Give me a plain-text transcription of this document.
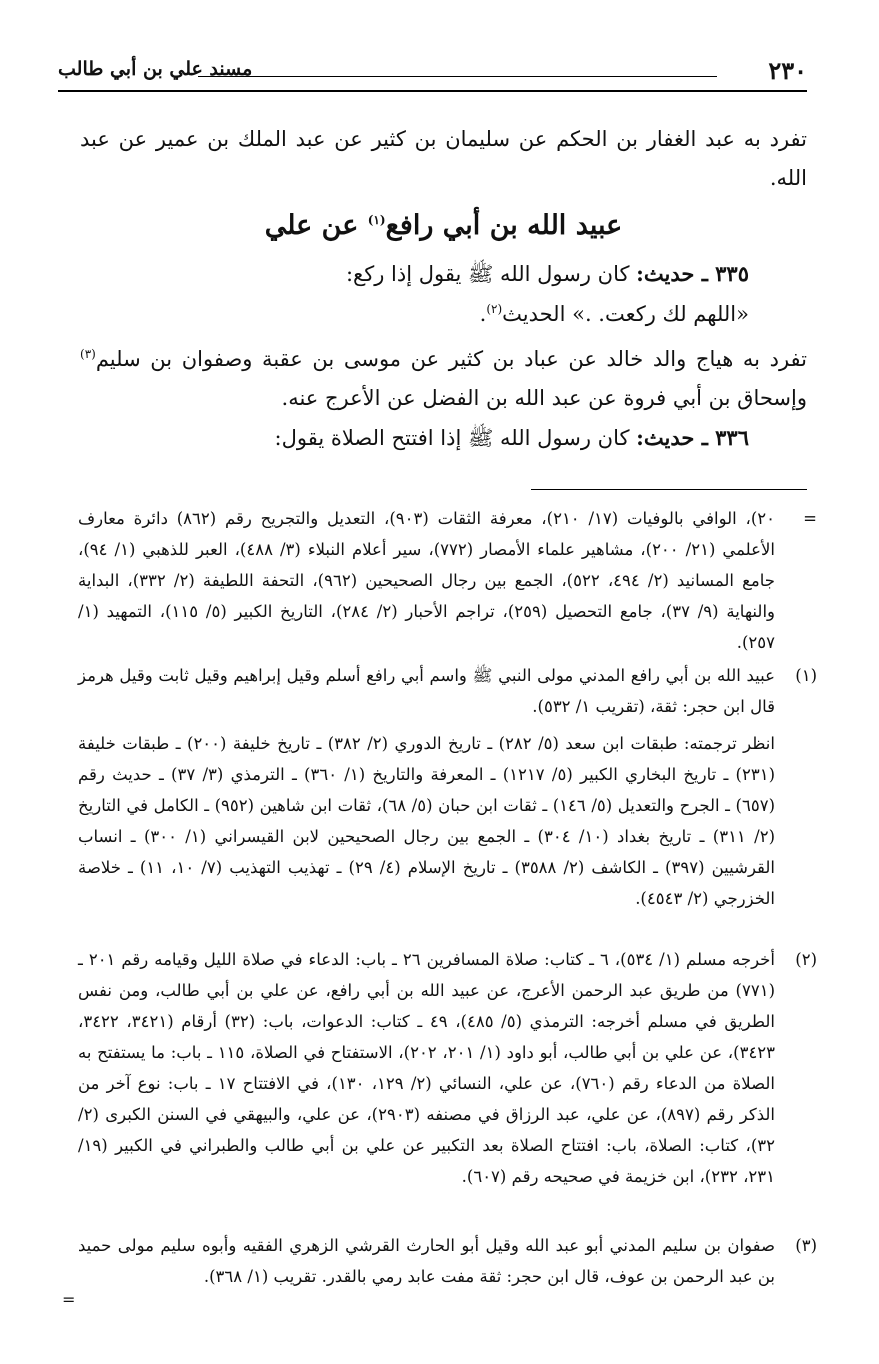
٢٣٠
مسند علي بن أبي طالب

تفرد به عبد الغفار بن الحكم عن سليمان بن كثير عن عبد الملك بن عمير عن عبد الله.

عبيد الله بن أبي رافع$^{(١)}$ عن علي
٣٣٥ ـ حديث: كان رسول الله ﷺ يقول إذا ركع:
«اللهم لك ركعت. .» الحديث$^{(٢)}$.

تفرد به هياج والد خالد عن عباد بن كثير عن موسى بن عقبة وصفوان بن سليم$^{(٣)}$ وإسحاق بن أبي فروة عن عبد الله بن الفضل عن الأعرج عنه.

٣٣٦ ـ حديث: كان رسول الله ﷺ إذا افتتح الصلاة يقول:
=
٢٠)، الوافي بالوفيات (١٧/ ٢١٠)، معرفة الثقات (٩٠٣)، التعديل والتجريح رقم (٨٦٢) دائرة معارف الأعلمي (٢١/ ٢٠٠)، مشاهير علماء الأمصار (٧٧٢)، سير أعلام النبلاء (٣/ ٤٨٨)، العبر للذهبي (١/ ٩٤)، جامع المسانيد (٢/ ٤٩٤، ٥٢٢)، الجمع بين رجال الصحيحين (٩٦٢)، التحفة اللطيفة (٢/ ٣٣٢)، البداية والنهاية (٩/ ٣٧)، جامع التحصيل (٢٥٩)، تراجم الأحبار (٢/ ٢٨٤)، التاريخ الكبير (٥/ ١١٥)، التمهيد (١/ ٢٥٧).
(١)
عبيد الله بن أبي رافع المدني مولى النبي ﷺ واسم أبي رافع أسلم وقيل إبراهيم وقيل ثابت وقيل هرمز قال ابن حجر: ثقة، (تقريب ١/ ٥٣٢).
انظر ترجمته: طبقات ابن سعد (٥/ ٢٨٢) ـ تاريخ الدوري (٢/ ٣٨٢) ـ تاريخ خليفة (٢٠٠) ـ طبقات خليفة (٢٣١) ـ تاريخ البخاري الكبير (٥/ ١٢١٧) ـ المعرفة والتاريخ (١/ ٣٦٠) ـ الترمذي (٣/ ٣٧) ـ حديث رقم (٦٥٧) ـ الجرح والتعديل (٥/ ١٤٦) ـ ثقات ابن حبان (٥/ ٦٨)، ثقات ابن شاهين (٩٥٢) ـ الكامل في التاريخ (٢/ ٣١١) ـ تاريخ بغداد (١٠/ ٣٠٤) ـ الجمع بين رجال الصحيحين لابن القيسراني (١/ ٣٠٠) ـ انساب القرشيين (٣٩٧) ـ الكاشف (٢/ ٣٥٨٨) ـ تاريخ الإسلام (٤/ ٢٩) ـ تهذيب التهذيب (٧/ ١٠، ١١) ـ خلاصة الخزرجي (٢/ ٤٥٤٣).
(٢)
أخرجه مسلم (١/ ٥٣٤)، ٦ ـ كتاب: صلاة المسافرين ٢٦ ـ باب: الدعاء في صلاة الليل وقيامه رقم ٢٠١ ـ (٧٧١) من طريق عبد الرحمن الأعرج، عن عبيد الله بن أبي رافع، عن علي بن أبي طالب، ومن نفس الطريق في مسلم أخرجه: الترمذي (٥/ ٤٨٥)، ٤٩ ـ كتاب: الدعوات، باب: (٣٢) أرقام (٣٤٢١، ٣٤٢٢، ٣٤٢٣)، عن علي بن أبي طالب، أبو داود (١/ ٢٠١، ٢٠٢)، الاستفتاح في الصلاة، ١١٥ ـ باب: ما يستفتح به الصلاة من الدعاء رقم (٧٦٠)، عن علي، النسائي (٢/ ١٢٩، ١٣٠)، في الافتتاح ١٧ ـ باب: نوع آخر من الذكر رقم (٨٩٧)، عن علي، عبد الرزاق في مصنفه (٢٩٠٣)، عن علي، والبيهقي في السنن الكبرى (٢/ ٣٢)، كتاب: الصلاة، باب: افتتاح الصلاة بعد التكبير عن علي بن أبي طالب والطبراني في الكبير (١٩/ ٢٣١، ٢٣٢)، ابن خزيمة في صحيحه رقم (٦٠٧).
(٣)
صفوان بن سليم المدني أبو عبد الله وقيل أبو الحارث القرشي الزهري الفقيه وأبوه سليم مولى حميد بن عبد الرحمن بن عوف، قال ابن حجر: ثقة مفت عابد رمي بالقدر. تقريب (١/ ٣٦٨).
=
